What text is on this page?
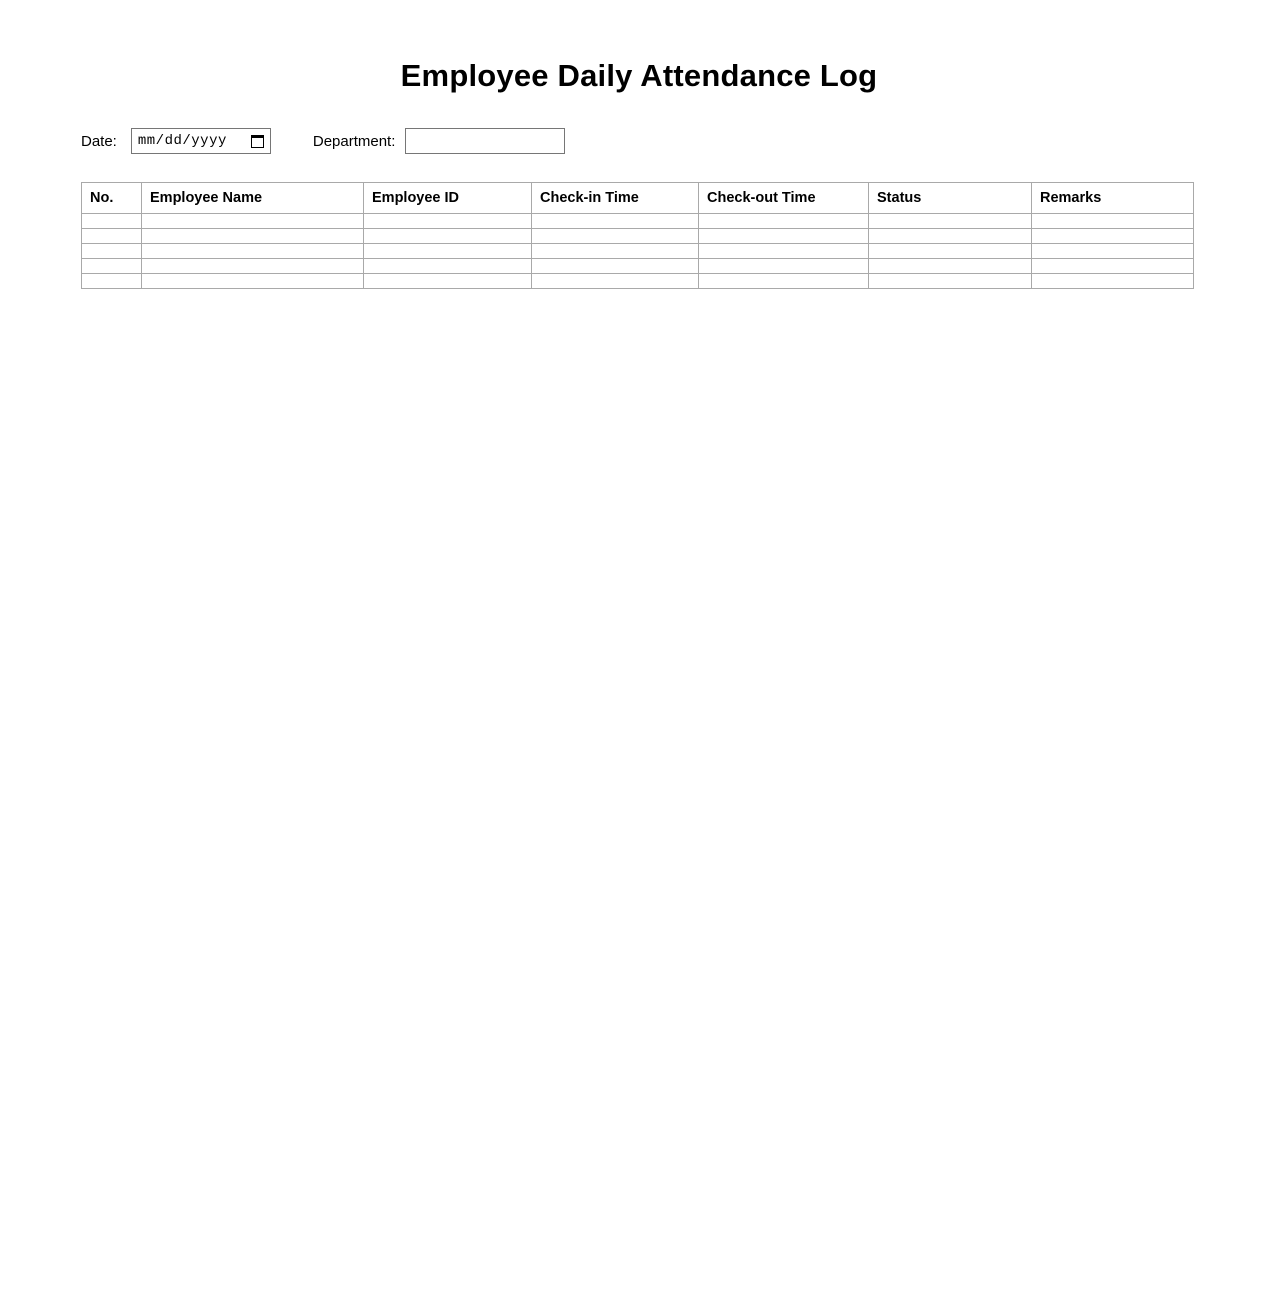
Employee Daily Attendance Log
Date: mm/dd/yyyy	Department:
No.	Employee Name	Employee ID	Check-in Time	Check-out Time	Status	Remarks
